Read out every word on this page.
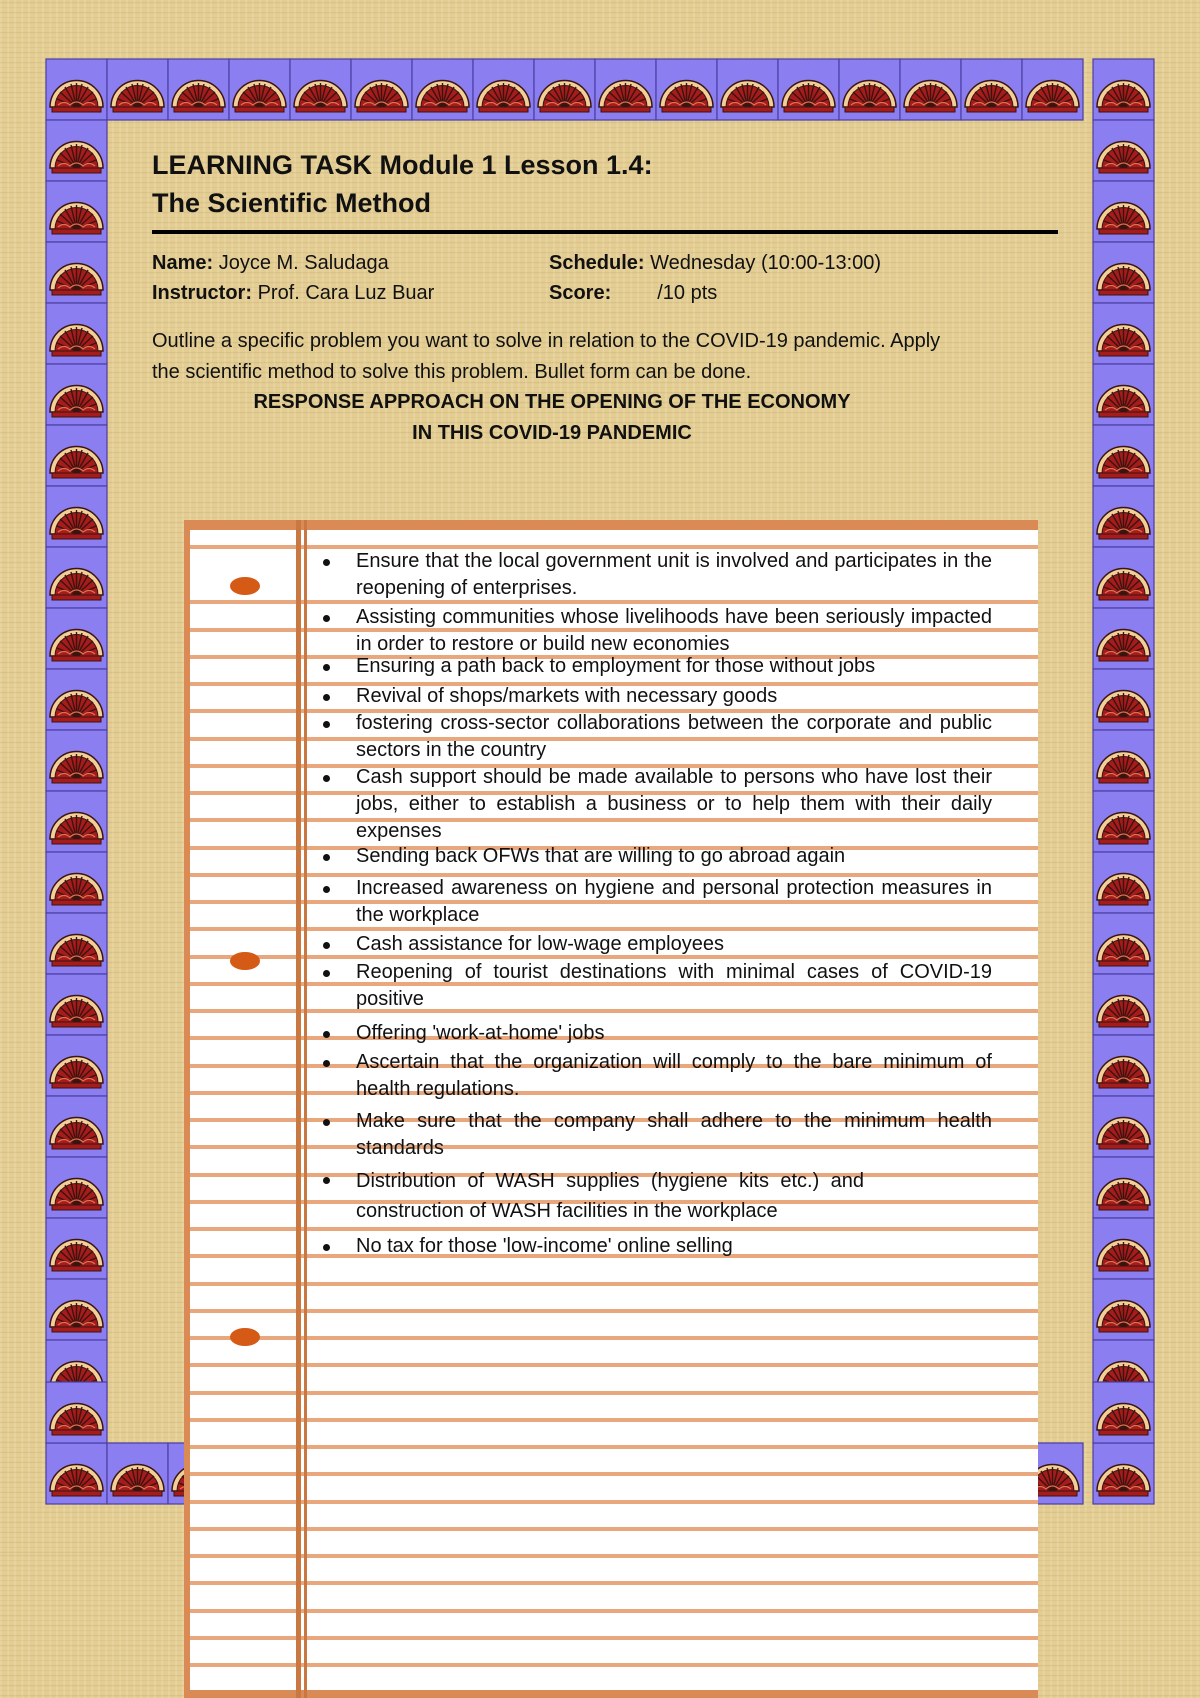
LEARNING TASK Module 1 Lesson 1.4:
The Scientific Method
Name: Joyce M. Saludaga
Instructor: Prof. Cara Luz Buar
Schedule: Wednesday (10:00-13:00)
Score: /10 pts
Outline a specific problem you want to solve in relation to the COVID-19 pandemic. Apply the scientific method to solve this problem. Bullet form can be done.
RESPONSE APPROACH ON THE OPENING OF THE ECONOMY
IN THIS COVID-19 PANDEMIC
Ensure that the local government unit is involved and participates in the reopening of enterprises.
Assisting communities whose livelihoods have been seriously impacted in order to restore or build new economies
Ensuring a path back to employment for those without jobs
Revival of shops/markets with necessary goods
fostering cross-sector collaborations between the corporate and public sectors in the country
Cash support should be made available to persons who have lost their jobs, either to establish a business or to help them with their daily expenses
Sending back OFWs that are willing to go abroad again
Increased awareness on hygiene and personal protection measures in the workplace
Cash assistance for low-wage employees
Reopening of tourist destinations with minimal cases of COVID-19 positive
Offering 'work-at-home' jobs
Ascertain that the organization will comply to the bare minimum of health regulations.
Make sure that the company shall adhere to the minimum health standards
Distribution of WASH supplies (hygiene kits etc.) and construction of WASH facilities in the workplace
No tax for those 'low-income' online selling
